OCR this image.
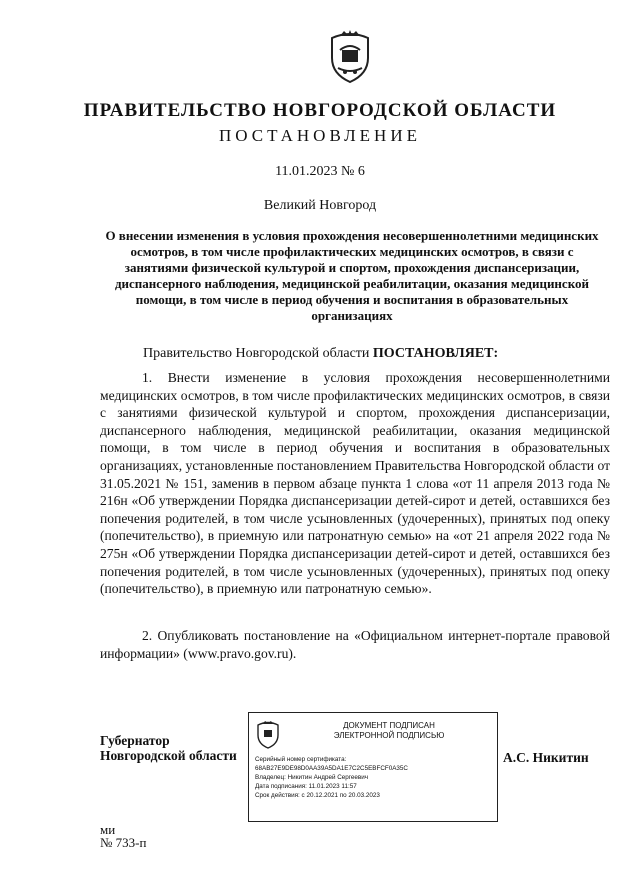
ПРАВИТЕЛЬСТВО НОВГОРОДСКОЙ ОБЛАСТИ
ПОСТАНОВЛЕНИЕ
11.01.2023 № 6
Великий Новгород
О внесении изменения в условия прохождения несовершеннолетними медицинских осмотров, в том числе профилактических медицинских осмотров, в связи с занятиями физической культурой и спортом, прохождения диспансеризации, диспансерного наблюдения, медицинской реабилитации, оказания медицинской помощи, в том числе в период обучения и воспитания в образовательных организациях
Правительство Новгородской области ПОСТАНОВЛЯЕТ:
1. Внести изменение в условия прохождения несовершеннолетними медицинских осмотров, в том числе профилактических медицинских осмотров, в связи с занятиями физической культурой и спортом, прохождения диспансеризации, диспансерного наблюдения, медицинской реабилитации, оказания медицинской помощи, в том числе в период обучения и воспитания в образовательных организациях, установленные постановлением Правительства Новгородской области от 31.05.2021 № 151, заменив в первом абзаце пункта 1 слова «от 11 апреля 2013 года № 216н «Об утверждении Порядка диспансеризации детей-сирот и детей, оставшихся без попечения родителей, в том числе усыновленных (удочеренных), принятых под опеку (попечительство), в приемную или патронатную семью» на «от 21 апреля 2022 года № 275н «Об утверждении Порядка диспансеризации детей-сирот и детей, оставшихся без попечения родителей, в том числе усыновленных (удочеренных), принятых под опеку (попечительство), в приемную или патронатную семью».
2. Опубликовать постановление на «Официальном интернет-портале правовой информации» (www.pravo.gov.ru).
Губернатор
Новгородской области
ДОКУМЕНТ ПОДПИСАН
ЭЛЕКТРОННОЙ ПОДПИСЬЮ
Серийный номер сертификата:
68AB27E9DE98D0AA39A5DA1E7C2C5EBFCF0A35C
Владелец: Никитин Андрей Сергеевич
Дата подписания: 11.01.2023 11:57
Срок действия: с 20.12.2021 по 20.03.2023
А.С. Никитин
ми
№ 733-п
